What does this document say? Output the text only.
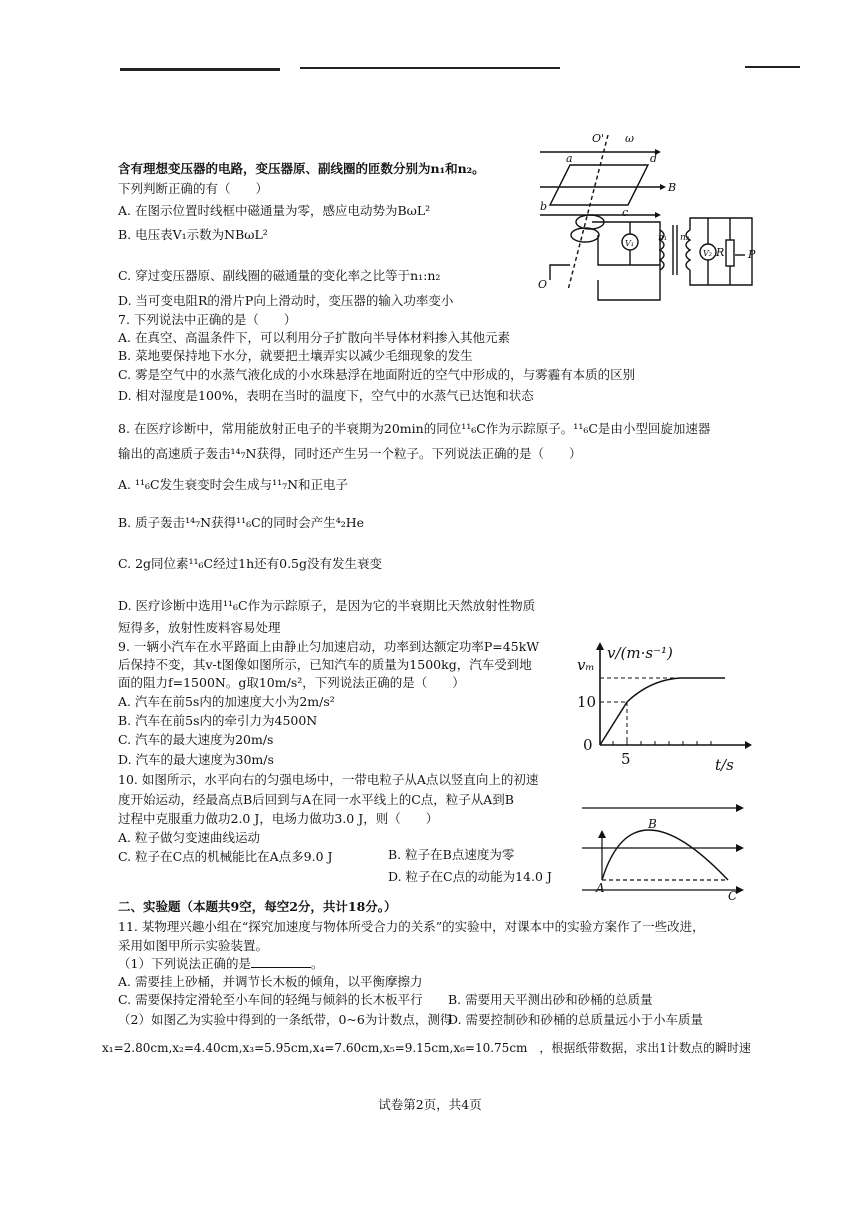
含有理想变压器的电路，变压器原、副线圈的匝数分别为n₁和n₂。
下列判断正确的有（　　）
A. 在图示位置时线框中磁通量为零，感应电动势为BωL²
B. 电压表V₁示数为NBωL²
C. 穿过变压器原、副线圈的磁通量的变化率之比等于n₁:n₂
D. 当可变电阻R的滑片P向上滑动时，变压器的输入功率变小
7. 下列说法中正确的是（　　）
A. 在真空、高温条件下，可以利用分子扩散向半导体材料掺入其他元素
B. 菜地要保持地下水分，就要把土壤弄实以减少毛细现象的发生
C. 雾是空气中的水蒸气液化成的小水珠悬浮在地面附近的空气中形成的，与雾霾有本质的区别
D. 相对湿度是100%，表明在当时的温度下，空气中的水蒸气已达饱和状态
8. 在医疗诊断中，常用能放射正电子的半衰期为20min的同位¹¹₆C作为示踪原子。¹¹₆C是由小型回旋加速器
输出的高速质子轰击¹⁴₇N获得，同时还产生另一个粒子。下列说法正确的是（　　）
A. ¹¹₆C发生衰变时会生成与¹¹₇N和正电子
B. 质子轰击¹⁴₇N获得¹¹₆C的同时会产生⁴₂He
C. 2g同位素¹¹₆C经过1h还有0.5g没有发生衰变
D. 医疗诊断中选用¹¹₆C作为示踪原子，是因为它的半衰期比天然放射性物质
短得多，放射性废料容易处理
9. 一辆小汽车在水平路面上由静止匀加速启动，功率到达额定功率P=45kW
后保持不变，其v-t图像如图所示，已知汽车的质量为1500kg，汽车受到地
面的阻力f=1500N。g取10m/s²，下列说法正确的是（　　）
A. 汽车在前5s内的加速度大小为2m/s²
B. 汽车在前5s内的牵引力为4500N
C. 汽车的最大速度为20m/s
D. 汽车的最大速度为30m/s
10. 如图所示，水平向右的匀强电场中，一带电粒子从A点以竖直向上的初速
度开始运动，经最高点B后回到与A在同一水平线上的C点，粒子从A到B
过程中克服重力做功2.0 J，电场力做功3.0 J，则（　　）
A. 粒子做匀变速曲线运动
C. 粒子在C点的机械能比在A点多9.0 J	B. 粒子在B点速度为零
D. 粒子在C点的动能为14.0 J
二、实验题（本题共9空，每空2分，共计18分。）
11. 某物理兴趣小组在“探究加速度与物体所受合力的关系”的实验中，对课本中的实验方案作了一些改进，
采用如图甲所示实验装置。
（1）下列说法正确的是	。
A. 需要挂上砂桶，并调节长木板的倾角，以平衡摩擦力
B. 需要用天平测出砂和砂桶的总质量
C. 需要保持定滑轮至小车间的轻绳与倾斜的长木板平行
D. 需要控制砂和砂桶的总质量远小于小车质量
（2）如图乙为实验中得到的一条纸带，0~6为计数点，测得
x₁=2.80cm,x₂=4.40cm,x₃=5.95cm,x₄=7.60cm,x₅=9.15cm,x₆=10.75cm　，根据纸带数据，求出1计数点的瞬时速
试卷第2页，共4页
O' ω
a	d
B
b	c
O
V₁
V₂
n₁ n₂
R P
v/(m·s⁻¹)
vₘ
10
0
5	t/s
B
A
C
